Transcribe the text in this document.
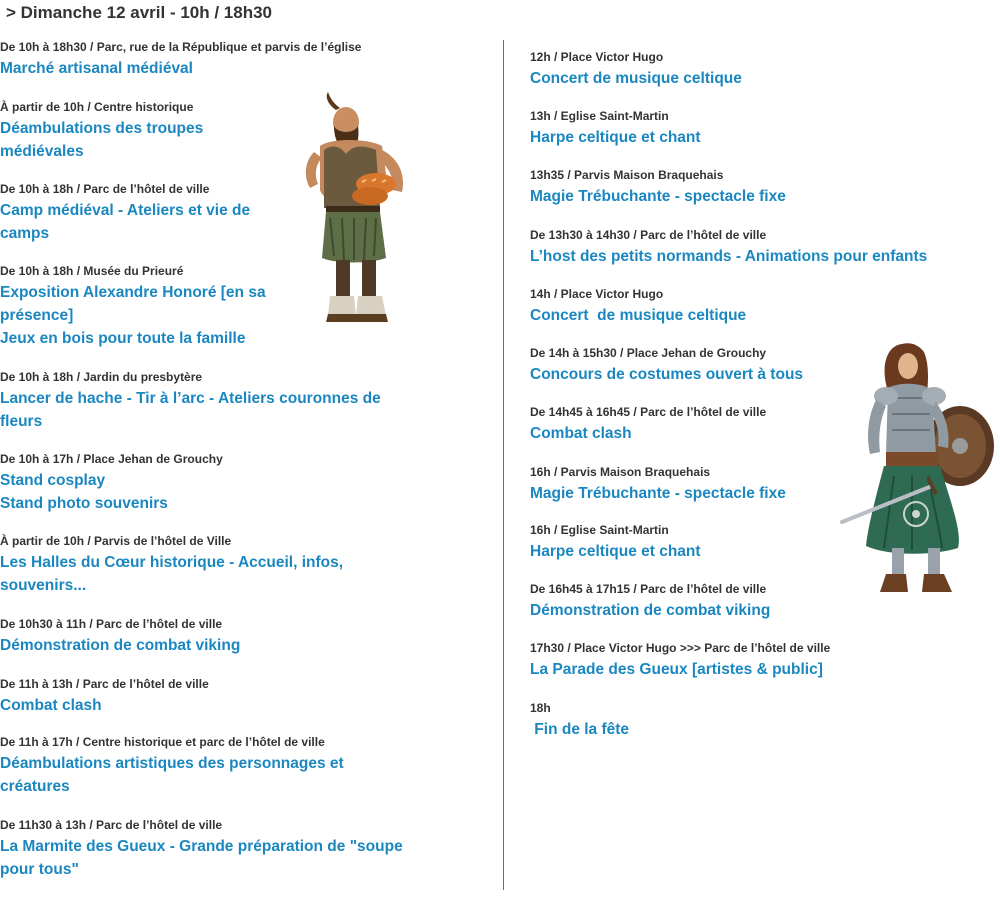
> Dimanche 12 avril - 10h / 18h30
De 10h à 18h30 / Parc, rue de la République et parvis de l’église
Marché artisanal médiéval
À partir de 10h / Centre historique
Déambulations des troupes médiévales
De 10h à 18h / Parc de l’hôtel de ville
Camp médiéval - Ateliers et vie de camps
De 10h à 18h / Musée du Prieuré
Exposition Alexandre Honoré [en sa présence]
Jeux en bois pour toute la famille
De 10h à 18h / Jardin du presbytère
Lancer de hache - Tir à l’arc - Ateliers couronnes de fleurs
De 10h à 17h / Place Jehan de Grouchy
Stand cosplay
Stand photo souvenirs
À partir de 10h / Parvis de l’hôtel de Ville
Les Halles du Cœur historique - Accueil, infos, souvenirs...
De 10h30 à 11h / Parc de l’hôtel de ville
Démonstration de combat viking
De 11h à 13h / Parc de l’hôtel de ville
Combat clash
De 11h à 17h / Centre historique et parc de l’hôtel de ville
Déambulations artistiques des personnages et créatures
De 11h30 à 13h / Parc de l’hôtel de ville
La Marmite des Gueux - Grande préparation de "soupe pour tous"
12h / Place Victor Hugo
Concert de musique celtique
13h / Eglise Saint-Martin
Harpe celtique et chant
13h35 / Parvis Maison Braquehais
Magie Trébuchante - spectacle fixe
De 13h30 à 14h30 / Parc de l’hôtel de ville
L’host des petits normands - Animations pour enfants
14h / Place Victor Hugo
Concert  de musique celtique
De 14h à 15h30 / Place Jehan de Grouchy
Concours de costumes ouvert à tous
De 14h45 à 16h45 / Parc de l’hôtel de ville
Combat clash
16h / Parvis Maison Braquehais
Magie Trébuchante - spectacle fixe
16h / Eglise Saint-Martin
Harpe celtique et chant
De 16h45 à 17h15 / Parc de l’hôtel de ville
Démonstration de combat viking
17h30 / Place Victor Hugo >>> Parc de l’hôtel de ville
La Parade des Gueux [artistes & public]
18h
Fin de la fête
